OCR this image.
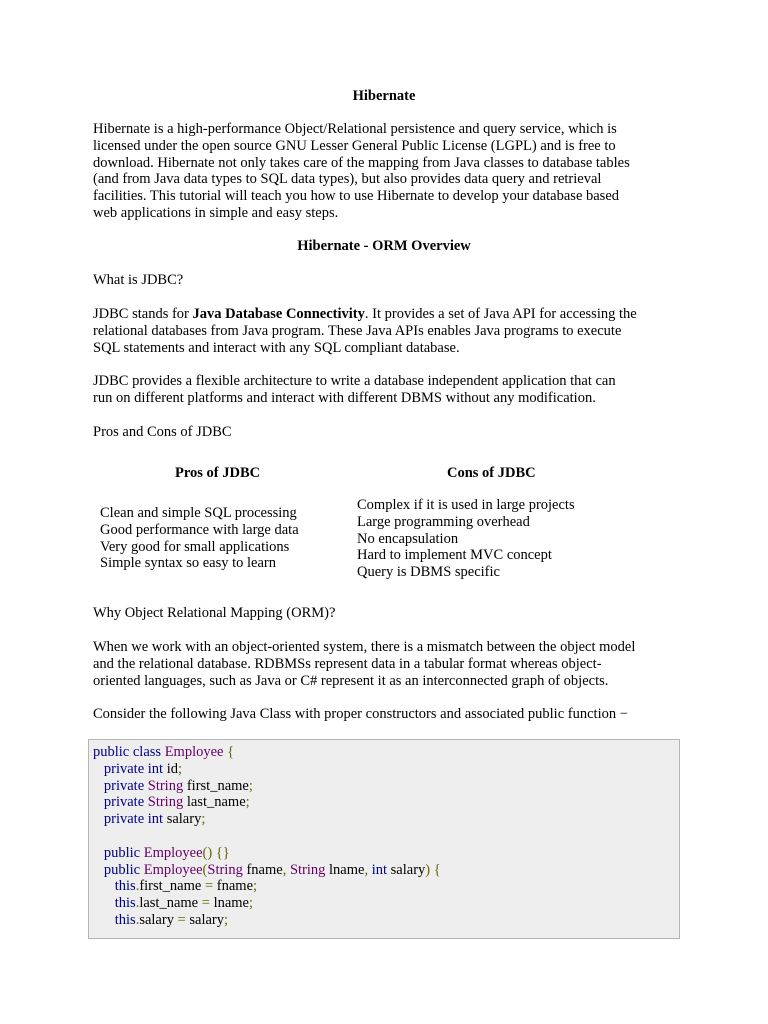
Hibernate
Hibernate is a high-performance Object/Relational persistence and query service, which is
licensed under the open source GNU Lesser General Public License (LGPL) and is free to
download. Hibernate not only takes care of the mapping from Java classes to database tables
(and from Java data types to SQL data types), but also provides data query and retrieval
facilities. This tutorial will teach you how to use Hibernate to develop your database based
web applications in simple and easy steps.
Hibernate - ORM Overview

What is JDBC?

JDBC stands for Java Database Connectivity. It provides a set of Java API for accessing the
relational databases from Java program. These Java APIs enables Java programs to execute
SQL statements and interact with any SQL compliant database.
JDBC provides a flexible architecture to write a database independent application that can
run on different platforms and interact with different DBMS without any modification.

Pros and Cons of JDBC

Pros of JDBC	Cons of JDBC

Clean and simple SQL processing
Good performance with large data
Very good for small applications
Simple syntax so easy to learn
Complex if it is used in large projects
Large programming overhead
No encapsulation
Hard to implement MVC concept
Query is DBMS specific

Why Object Relational Mapping (ORM)?

When we work with an object-oriented system, there is a mismatch between the object model
and the relational database. RDBMSs represent data in a tabular format whereas object-
oriented languages, such as Java or C# represent it as an interconnected graph of objects.

Consider the following Java Class with proper constructors and associated public function −

public class Employee {
private int id;
private String first_name;
private String last_name;
private int salary;

public Employee() {}
public Employee(String fname, String lname, int salary) {
this.first_name = fname;
this.last_name = lname;
this.salary = salary;
